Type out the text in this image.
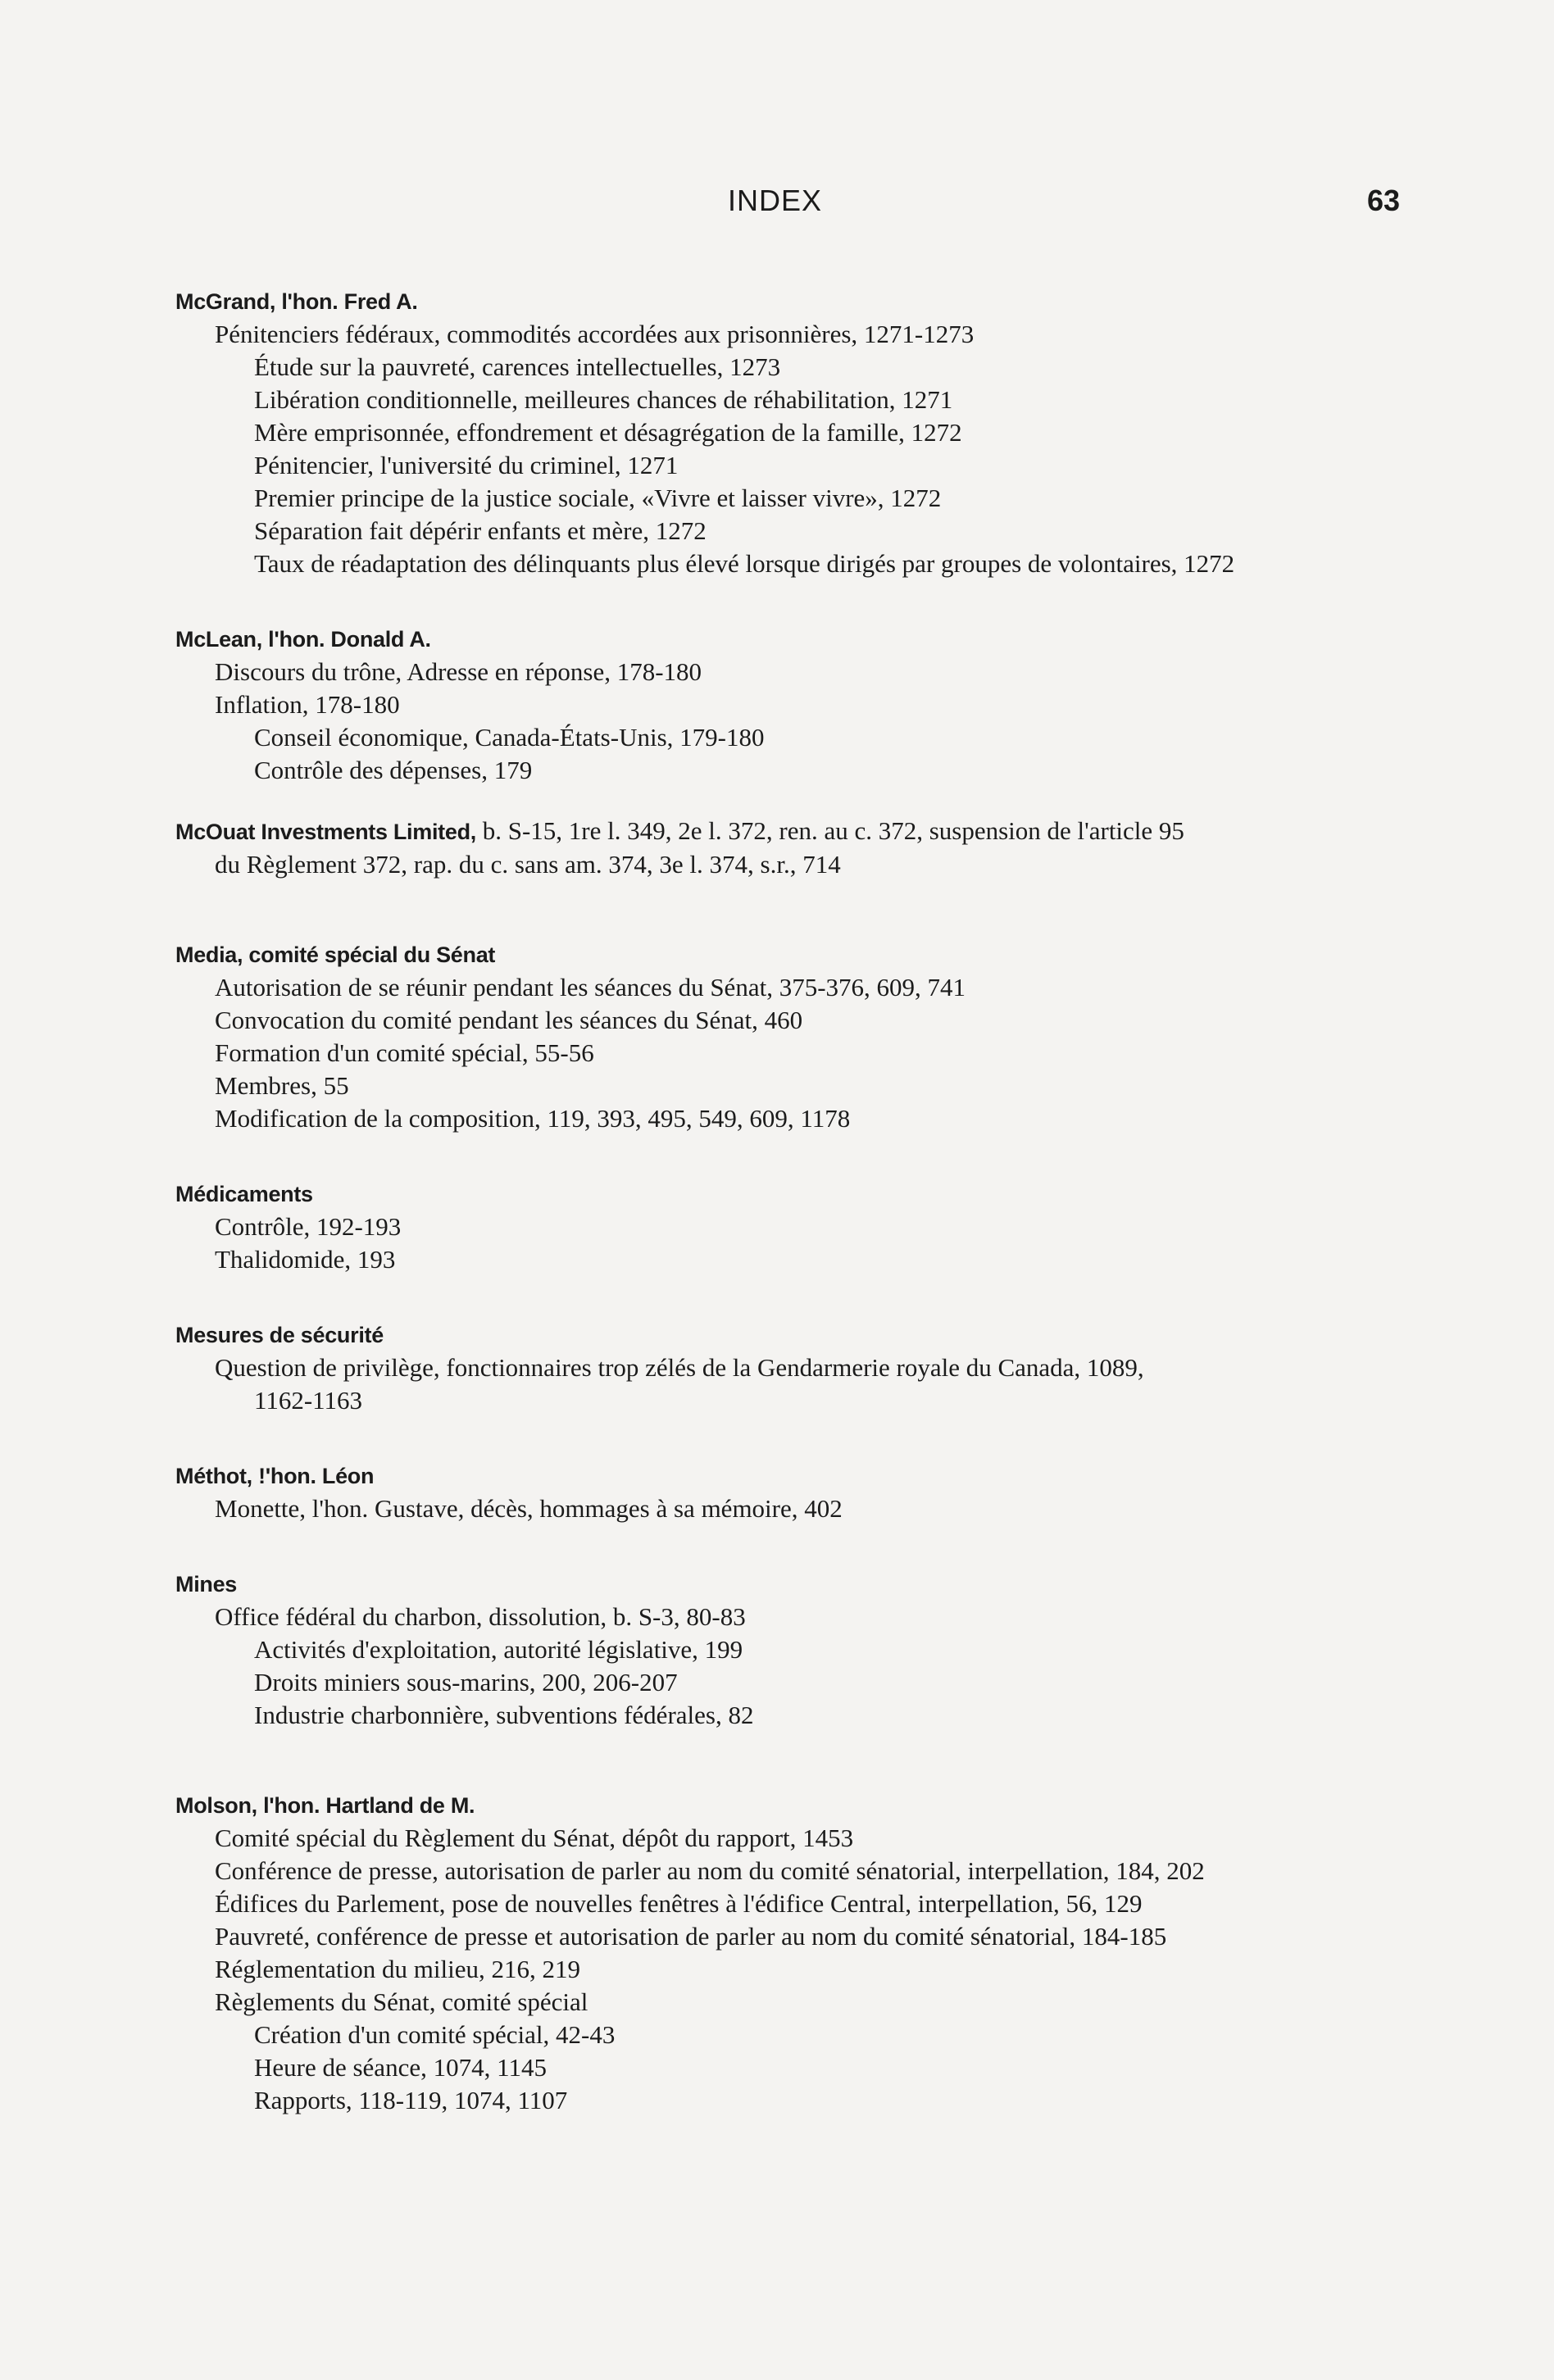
INDEX	63
McGrand, l'hon. Fred A.
Pénitenciers fédéraux, commodités accordées aux prisonnières, 1271-1273
Étude sur la pauvreté, carences intellectuelles, 1273
Libération conditionnelle, meilleures chances de réhabilitation, 1271
Mère emprisonnée, effondrement et désagrégation de la famille, 1272
Pénitencier, l'université du criminel, 1271
Premier principe de la justice sociale, «Vivre et laisser vivre», 1272
Séparation fait dépérir enfants et mère, 1272
Taux de réadaptation des délinquants plus élevé lorsque dirigés par groupes de volontaires, 1272
McLean, l'hon. Donald A.
Discours du trône, Adresse en réponse, 178-180
Inflation, 178-180
Conseil économique, Canada-États-Unis, 179-180
Contrôle des dépenses, 179
McOuat Investments Limited, b. S-15, 1re l. 349, 2e l. 372, ren. au c. 372, suspension de l'article 95
du Règlement 372, rap. du c. sans am. 374, 3e l. 374, s.r., 714
Media, comité spécial du Sénat
Autorisation de se réunir pendant les séances du Sénat, 375-376, 609, 741
Convocation du comité pendant les séances du Sénat, 460
Formation d'un comité spécial, 55-56
Membres, 55
Modification de la composition, 119, 393, 495, 549, 609, 1178
Médicaments
Contrôle, 192-193
Thalidomide, 193
Mesures de sécurité
Question de privilège, fonctionnaires trop zélés de la Gendarmerie royale du Canada, 1089,
1162-1163
Méthot, !'hon. Léon
Monette, l'hon. Gustave, décès, hommages à sa mémoire, 402
Mines
Office fédéral du charbon, dissolution, b. S-3, 80-83
Activités d'exploitation, autorité législative, 199
Droits miniers sous-marins, 200, 206-207
Industrie charbonnière, subventions fédérales, 82
Molson, l'hon. Hartland de M.
Comité spécial du Règlement du Sénat, dépôt du rapport, 1453
Conférence de presse, autorisation de parler au nom du comité sénatorial, interpellation, 184, 202
Édifices du Parlement, pose de nouvelles fenêtres à l'édifice Central, interpellation, 56, 129
Pauvreté, conférence de presse et autorisation de parler au nom du comité sénatorial, 184-185
Réglementation du milieu, 216, 219
Règlements du Sénat, comité spécial
Création d'un comité spécial, 42-43
Heure de séance, 1074, 1145
Rapports, 118-119, 1074, 1107
